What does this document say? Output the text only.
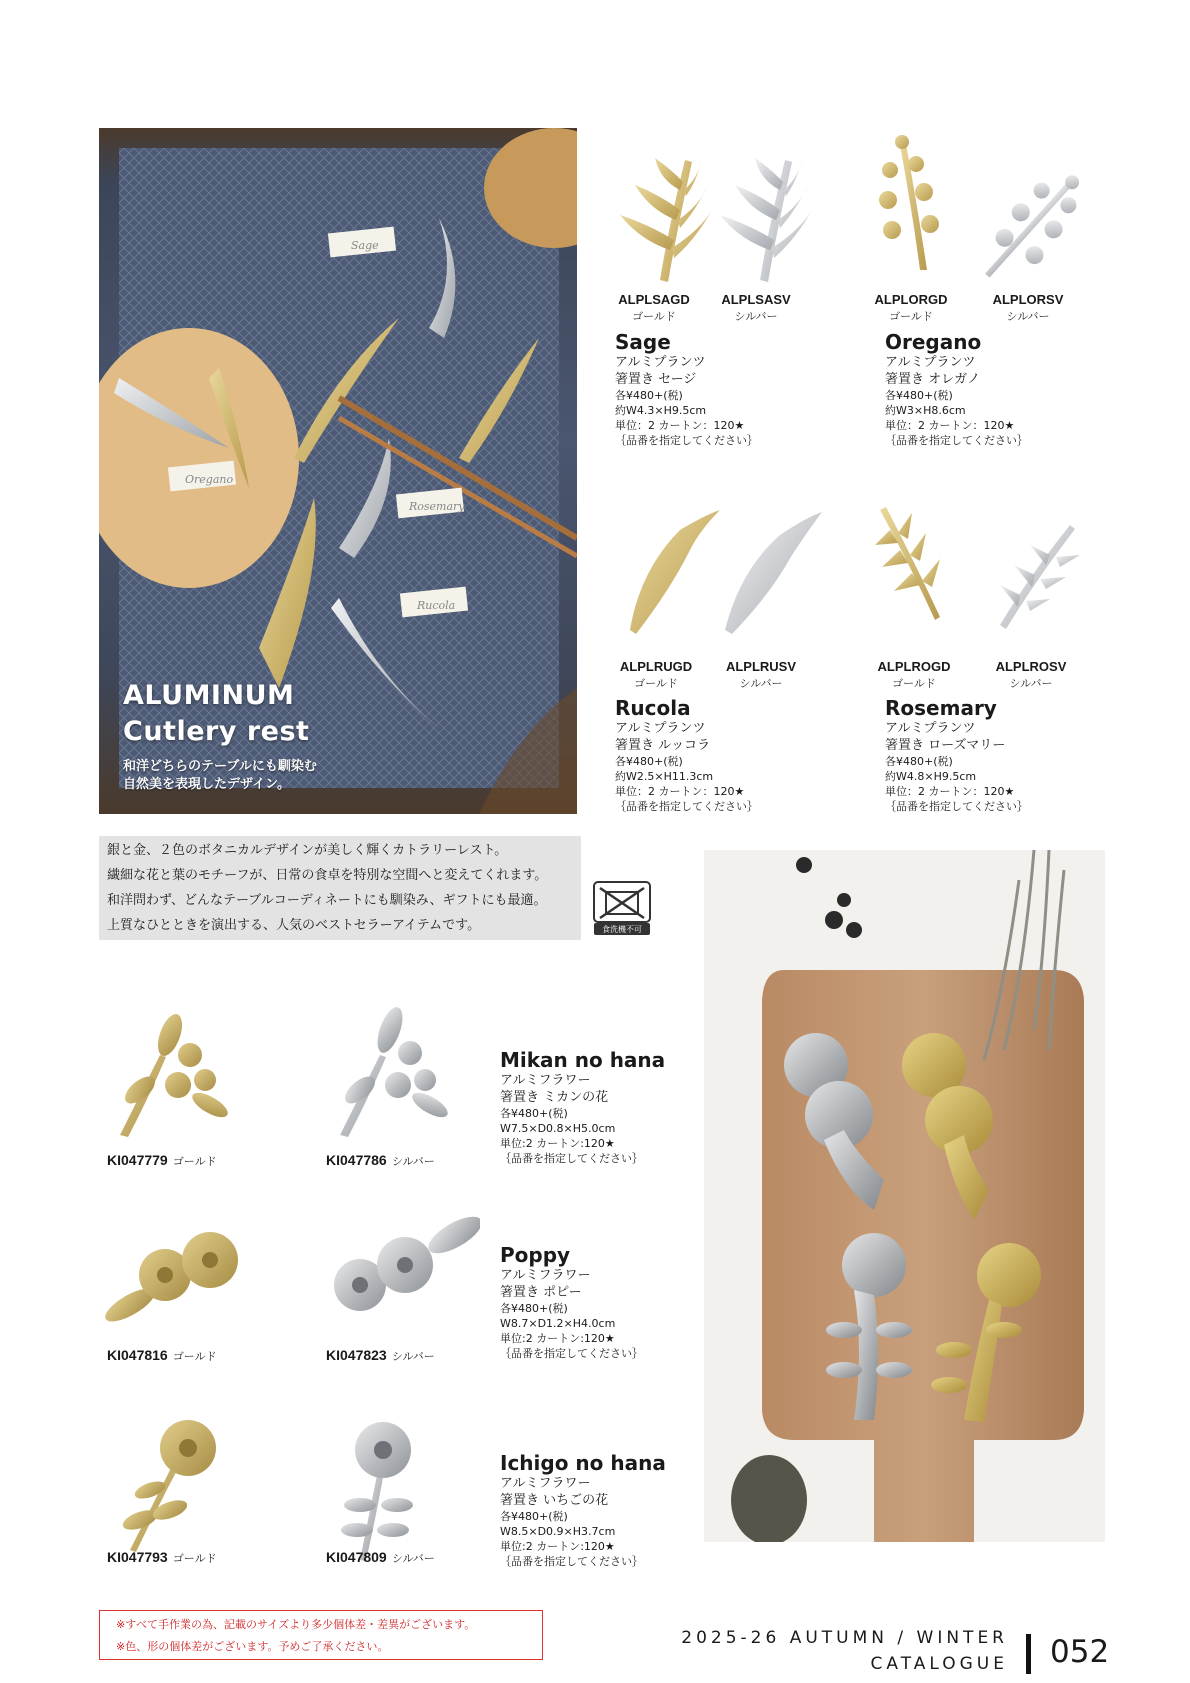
Sage
Oregano
Rosemary
Rucola
ALUMINUM
Cutlery rest
和洋どちらのテーブルにも馴染む
自然美を表現したデザイン。
ALPLSAGD
ゴールド
ALPLSASV
シルバー
Sage
アルミプランツ
箸置き セージ
各¥480+(税)
約W4.3×H9.5cm
単位：2 カートン：120★
｛品番を指定してください｝
ALPLORGD
ゴールド
ALPLORSV
シルバー
Oregano
アルミプランツ
箸置き オレガノ
各¥480+(税)
約W3×H8.6cm
単位：2 カートン：120★
｛品番を指定してください｝
ALPLRUGD
ゴールド
ALPLRUSV
シルバー
Rucola
アルミプランツ
箸置き ルッコラ
各¥480+(税)
約W2.5×H11.3cm
単位：2 カートン：120★
｛品番を指定してください｝
ALPLROGD
ゴールド
ALPLROSV
シルバー
Rosemary
アルミプランツ
箸置き ローズマリー
各¥480+(税)
約W4.8×H9.5cm
単位：2 カートン：120★
｛品番を指定してください｝
銀と金、２色のボタニカルデザインが美しく輝くカトラリーレスト。
繊細な花と葉のモチーフが、日常の食卓を特別な空間へと変えてくれます。
和洋問わず、どんなテーブルコーディネートにも馴染み、ギフトにも最適。
上質なひとときを演出する、人気のベストセラーアイテムです。	食洗機不可
KI047779 ゴールド	KI047786 シルバー
Mikan no hana
アルミフラワー
箸置き ミカンの花
各¥480+(税)
W7.5×D0.8×H5.0cm
単位:2 カートン:120★
｛品番を指定してください｝
KI047816 ゴールド	KI047823 シルバー
Poppy
アルミフラワー
箸置き ポピー
各¥480+(税)
W8.7×D1.2×H4.0cm
単位:2 カートン:120★
｛品番を指定してください｝
KI047793 ゴールド	KI047809 シルバー
Ichigo no hana
アルミフラワー
箸置き いちごの花
各¥480+(税)
W8.5×D0.9×H3.7cm
単位:2 カートン:120★
｛品番を指定してください｝
※すべて手作業の為、記載のサイズより多少個体差・差異がございます。
※色、形の個体差がございます。予めご了承ください。	2025-26 AUTUMN / WINTER
CATALOGUE 052
